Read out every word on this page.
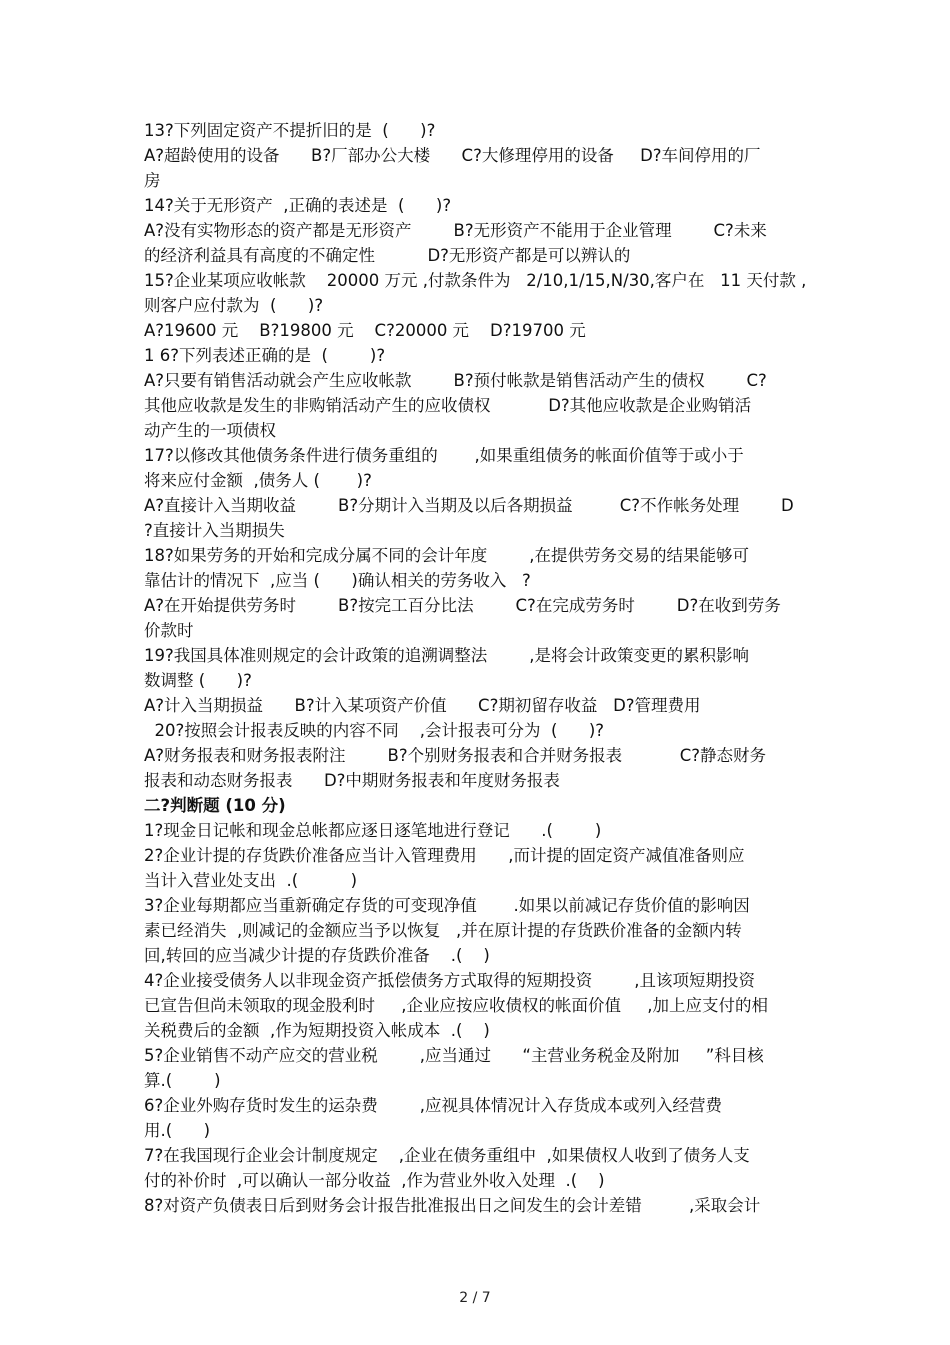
13?下列固定资产不提折旧的是  (      )?
A?超龄使用的设备      B?厂部办公大楼      C?大修理停用的设备     D?车间停用的厂
房
14?关于无形资产  ,正确的表述是  (      )?
A?没有实物形态的资产都是无形资产        B?无形资产不能用于企业管理        C?未来
的经济利益具有高度的不确定性          D?无形资产都是可以辨认的
15?企业某项应收帐款    20000 万元 ,付款条件为   2/10,1/15,N/30,客户在   11 天付款 ,
则客户应付款为  (      )?
A?19600 元    B?19800 元    C?20000 元    D?19700 元
1 6?下列表述正确的是  (        )?
A?只要有销售活动就会产生应收帐款        B?预付帐款是销售活动产生的债权        C?
其他应收款是发生的非购销活动产生的应收债权           D?其他应收款是企业购销活
动产生的一项债权
17?以修改其他债务条件进行债务重组的       ,如果重组债务的帐面价值等于或小于
将来应付金额  ,债务人 (       )?
A?直接计入当期收益        B?分期计入当期及以后各期损益         C?不作帐务处理        D
?直接计入当期损失
18?如果劳务的开始和完成分属不同的会计年度        ,在提供劳务交易的结果能够可
靠估计的情况下  ,应当 (      )确认相关的劳务收入   ?
A?在开始提供劳务时        B?按完工百分比法        C?在完成劳务时        D?在收到劳务
价款时
19?我国具体准则规定的会计政策的追溯调整法        ,是将会计政策变更的累积影响
数调整 (      )?
A?计入当期损益      B?计入某项资产价值      C?期初留存收益   D?管理费用
20?按照会计报表反映的内容不同    ,会计报表可分为  (      )?
A?财务报表和财务报表附注        B?个别财务报表和合并财务报表           C?静态财务
报表和动态财务报表      D?中期财务报表和年度财务报表
二?判断题 (10 分)
1?现金日记帐和现金总帐都应逐日逐笔地进行登记      .(        )
2?企业计提的存货跌价准备应当计入管理费用      ,而计提的固定资产减值准备则应
当计入营业处支出  .(          )
3?企业每期都应当重新确定存货的可变现净值       .如果以前减记存货价值的影响因
素已经消失  ,则减记的金额应当予以恢复   ,并在原计提的存货跌价准备的金额内转
回,转回的应当减少计提的存货跌价准备    .(    )
4?企业接受债务人以非现金资产抵偿债务方式取得的短期投资        ,且该项短期投资
已宣告但尚未领取的现金股利时     ,企业应按应收债权的帐面价值     ,加上应支付的相
关税费后的金额  ,作为短期投资入帐成本  .(    )
5?企业销售不动产应交的营业税        ,应当通过      “主营业务税金及附加     ”科目核
算.(        )
6?企业外购存货时发生的运杂费        ,应视具体情况计入存货成本或列入经营费
用.(      )
7?在我国现行企业会计制度规定    ,企业在债务重组中  ,如果债权人收到了债务人支
付的补价时  ,可以确认一部分收益  ,作为营业外收入处理  .(    )
8?对资产负债表日后到财务会计报告批准报出日之间发生的会计差错         ,采取会计
2 / 7
